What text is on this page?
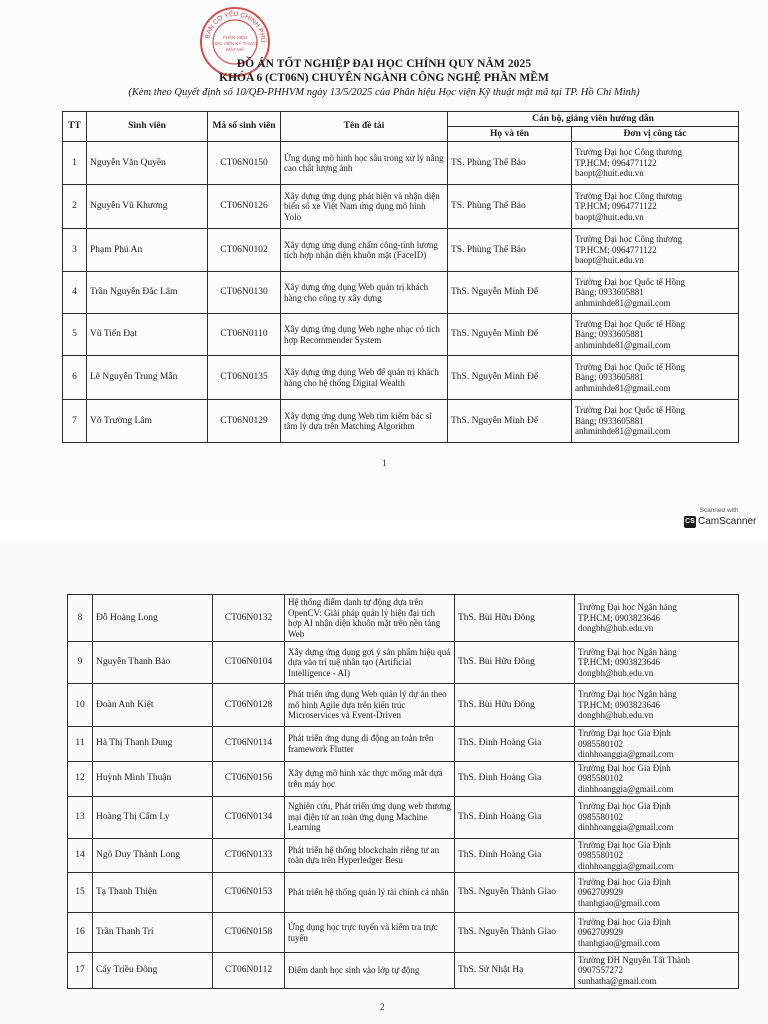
BAN CƠ YẾU CHÍNH PHỦ
PHÂN HIỆU
HỌC VIỆN KỸ THUẬT
MẬT MÃ
ĐỒ ÁN TỐT NGHIỆP ĐẠI HỌC CHÍNH QUY NĂM 2025
KHÓA 6 (CT06N) CHUYÊN NGÀNH CÔNG NGHỆ PHẦN MỀM
(Kèm theo Quyết định số 10/QĐ-PHHVM ngày 13/5/2025 của Phân hiệu Học viện Kỹ thuật mật mã tại TP. Hồ Chí Minh)
TT	Sinh viên	Mã số sinh viên	Tên đề tài	Cán bộ, giảng viên hướng dẫn	
				Họ và tên	Đơn vị công tác
1	Nguyễn Văn Quyền	CT06N0150	Ứng dụng mô hình học sâu trong xử lý nâng cao chất lượng ảnh	TS. Phùng Thế Bảo	Trường Đại học Công thương
TP.HCM; 0964771122
baopt@huit.edu.vn

2	Nguyễn Vũ Khương	CT06N0126	Xây dựng ứng dụng phát hiện và nhận diện biển số xe Việt Nam ứng dụng mô hình Yolo	TS. Phùng Thế Bảo	Trường Đại học Công thương
TP.HCM; 0964771122
baopt@huit.edu.vn

3	Phạm Phú An	CT06N0102	Xây dựng ứng dụng chấm công-tính lương tích hợp nhận diện khuôn mặt (FaceID)	TS. Phùng Thế Bảo	Trường Đại học Công thương
TP.HCM; 0964771122
baopt@huit.edu.vn

4	Trần Nguyễn Đắc Lâm	CT06N0130	Xây dựng ứng dụng Web quản trị khách hàng cho công ty xây dựng	ThS. Nguyễn Minh Đế	Trường Đại học Quốc tế Hồng
Bàng; 0933605881
anhminhde81@gmail.com

5	Vũ Tiến Đạt	CT06N0110	Xây dựng ứng dụng Web nghe nhạc có tích hợp Recommender System	ThS. Nguyễn Minh Đế	Trường Đại học Quốc tế Hồng
Bàng; 0933605881
anhminhde81@gmail.com

6	Lê Nguyễn Trung Mẫn	CT06N0135	Xây dựng ứng dụng Web để quản trị khách hàng cho hệ thống Digital Wealth	ThS. Nguyễn Minh Đế	Trường Đại học Quốc tế Hồng
Bàng; 0933605881
anhminhde81@gmail.com

7	Võ Trường Lâm	CT06N0129	Xây dựng ứng dụng Web tìm kiếm bác sĩ tâm lý dựa trên Matching Algorithm	ThS. Nguyễn Minh Đế	Trường Đại học Quốc tế Hồng
Bàng; 0933605881
anhminhde81@gmail.com
1
Scanned with
CS CamScanner
2
8	Đỗ Hoàng Long	CT06N0132	Hệ thống điểm danh tự động dựa trên OpenCV: Giải pháp quản lý hiện đại tích hợp AI nhận diện khuôn mặt trên nền tảng Web	ThS. Bùi Hữu Đông	Trường Đại học Ngân hàng
TP.HCM; 0903823646
dongbh@hub.edu.vn

9	Nguyễn Thanh Bảo	CT06N0104	Xây dựng ứng dụng gợi ý sản phẩm hiệu quả dựa vào trí tuệ nhân tạo (Artificial Intelligence - AI)	ThS. Bùi Hữu Đông	Trường Đại học Ngân hàng
TP.HCM; 0903823646
dongbh@hub.edu.vn

10	Đoàn Anh Kiệt	CT06N0128	Phát triển ứng dụng Web quản lý dự án theo mô hình Agile dựa trên kiến trúc Microservices và Event-Driven	ThS. Bùi Hữu Đông	Trường Đại học Ngân hàng
TP.HCM; 0903823646
dongbh@hub.edu.vn

11	Hà Thị Thanh Dung	CT06N0114	Phát triển ứng dụng di động an toàn trên framework Flutter	ThS. Đinh Hoàng Gia	Trường Đại học Gia Định
0985580102
dinhhoanggia@gmail.com

12	Huỳnh Minh Thuận	CT06N0156	Xây dựng mô hình xác thực mống mắt dựa trên máy học	ThS. Đinh Hoàng Gia	Trường Đại học Gia Định
0985580102
dinhhoanggia@gmail.com

13	Hoàng Thị Cẩm Ly	CT06N0134	Nghiên cứu, Phát triển ứng dụng web thương mại điện tử an toàn ứng dụng Machine Learning	ThS. Đinh Hoàng Gia	Trường Đại học Gia Định
0985580102
dinhhoanggia@gmail.com

14	Ngô Duy Thành Long	CT06N0133	Phát triển hệ thống blockchain riêng tư an toàn dựa trên Hyperledger Besu	ThS. Đinh Hoàng Gia	Trường Đại học Gia Định
0985580102
dinhhoanggia@gmail.com

15	Tạ Thanh Thiện	CT06N0153	Phát triển hệ thống quản lý tài chính cá nhân	ThS. Nguyễn Thành Giao	Trường Đại học Gia Định
0962709929
thanhgiao@gmail.com

16	Trần Thanh Trí	CT06N0158	Ứng dụng học trực tuyến và kiểm tra trực tuyến	ThS. Nguyễn Thành Giao	Trường Đại học Gia Định
0962709929
thanhgiao@gmail.com

17	Cấy Triều Đông	CT06N0112	Điểm danh học sinh vào lớp tự động	ThS. Sử Nhật Hạ	Trường ĐH Nguyễn Tất Thành
0907557272
sunhatha@gmail.com
